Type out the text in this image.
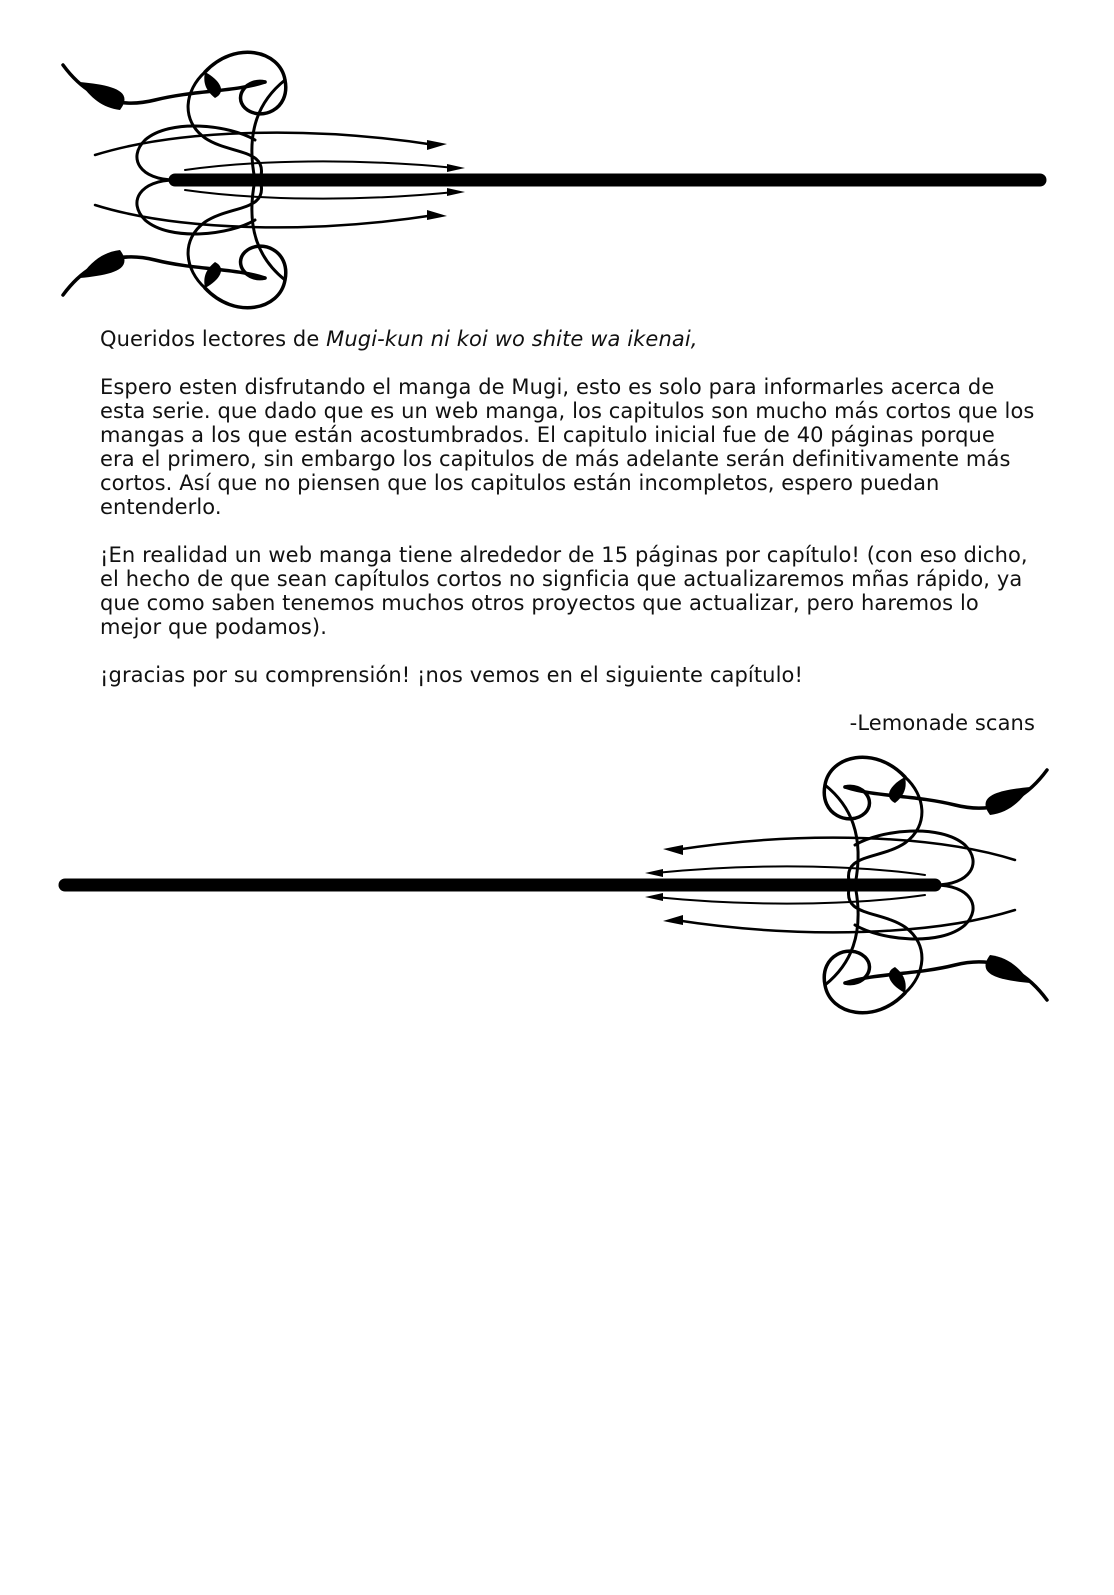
Queridos lectores de Mugi-kun ni koi wo shite wa ikenai,

Espero esten disfrutando el manga de Mugi, esto es solo para informarles acerca de esta serie. que dado que es un web manga, los capitulos son mucho más cortos que los mangas a los que están acostumbrados. El capitulo inicial fue de 40 páginas porque era el primero, sin embargo los capitulos de más adelante serán definitivamente más cortos. Así que no piensen que los capitulos están incompletos, espero puedan entenderlo.

¡En realidad un web manga tiene alrededor de 15 páginas por capítulo! (con eso dicho, el hecho de que sean capítulos cortos no signficia que actualizaremos mñas rápido, ya que como saben tenemos muchos otros proyectos que actualizar, pero haremos lo mejor que podamos).

¡gracias por su comprensión! ¡nos vemos en el siguiente capítulo!

-Lemonade scans
